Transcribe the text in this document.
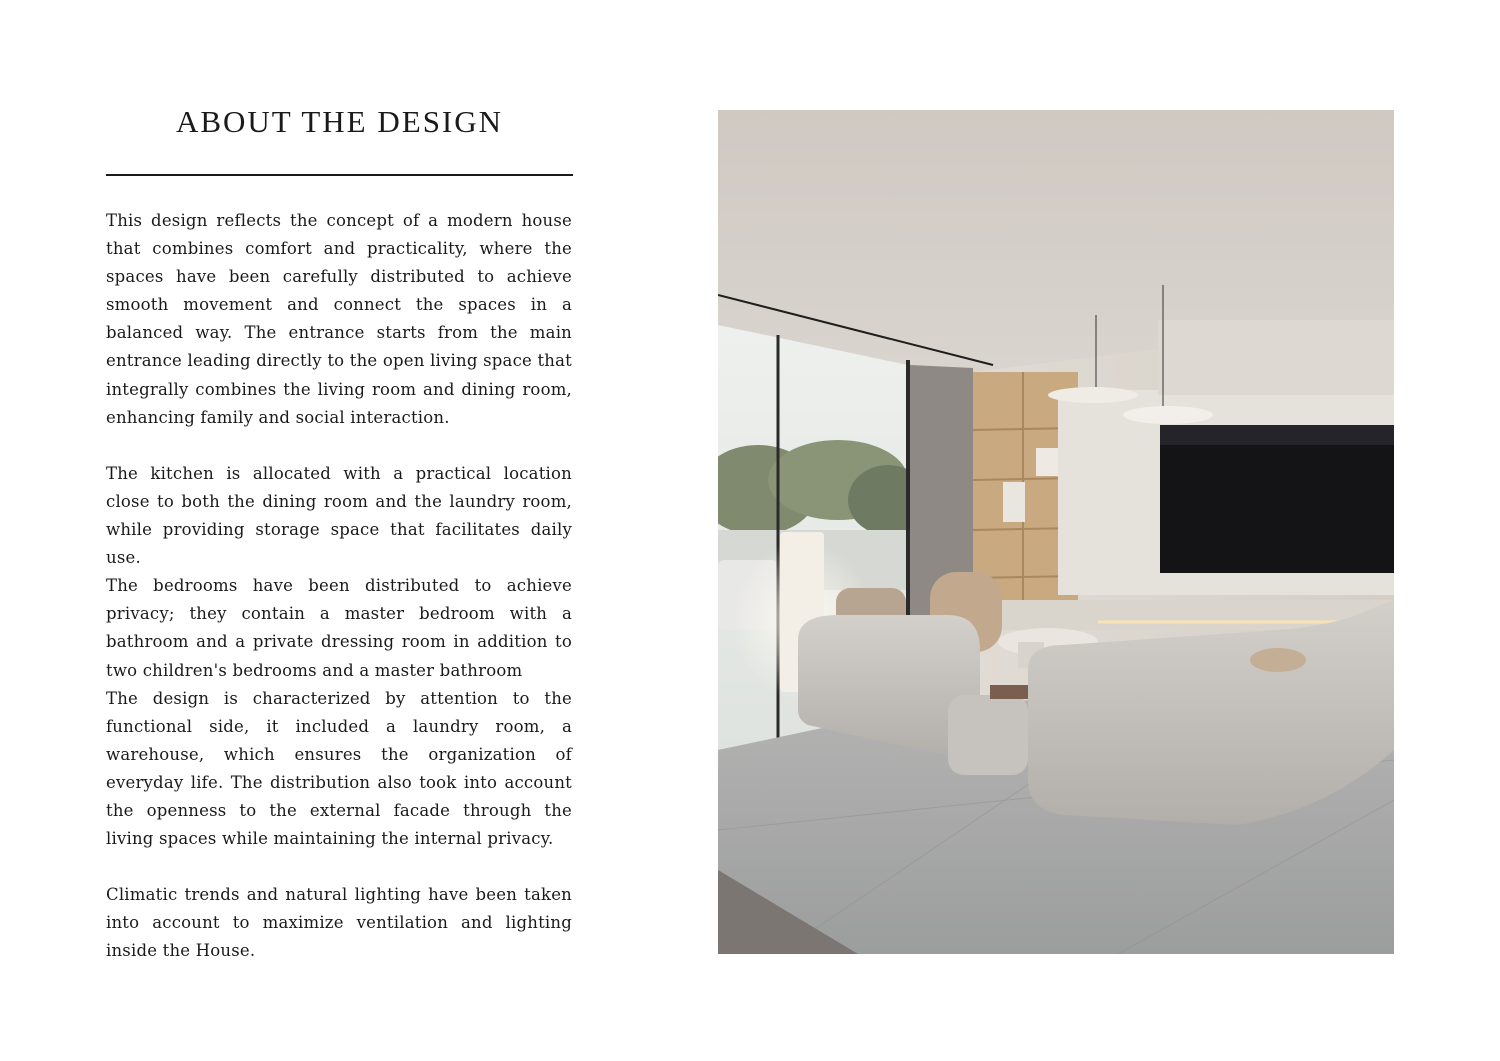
ABOUT THE DESIGN

This design reflects the concept of a modern house that combines comfort and practicality, where the spaces have been carefully distributed to achieve smooth movement and connect the spaces in a balanced way. The entrance starts from the main entrance leading directly to the open living space that integrally combines the living room and dining room, enhancing family and social interaction.

The kitchen is allocated with a practical location close to both the dining room and the laundry room, while providing storage space that facilitates daily use.

The bedrooms have been distributed to achieve privacy; they contain a master bedroom with a bathroom and a private dressing room in addition to two children's bedrooms and a master bathroom

The design is characterized by attention to the functional side, it included a laundry room, a warehouse, which ensures the organization of everyday life. The distribution also took into account the openness to the external facade through the living spaces while maintaining the internal privacy.

Climatic trends and natural lighting have been taken into account to maximize ventilation and lighting inside the House.
